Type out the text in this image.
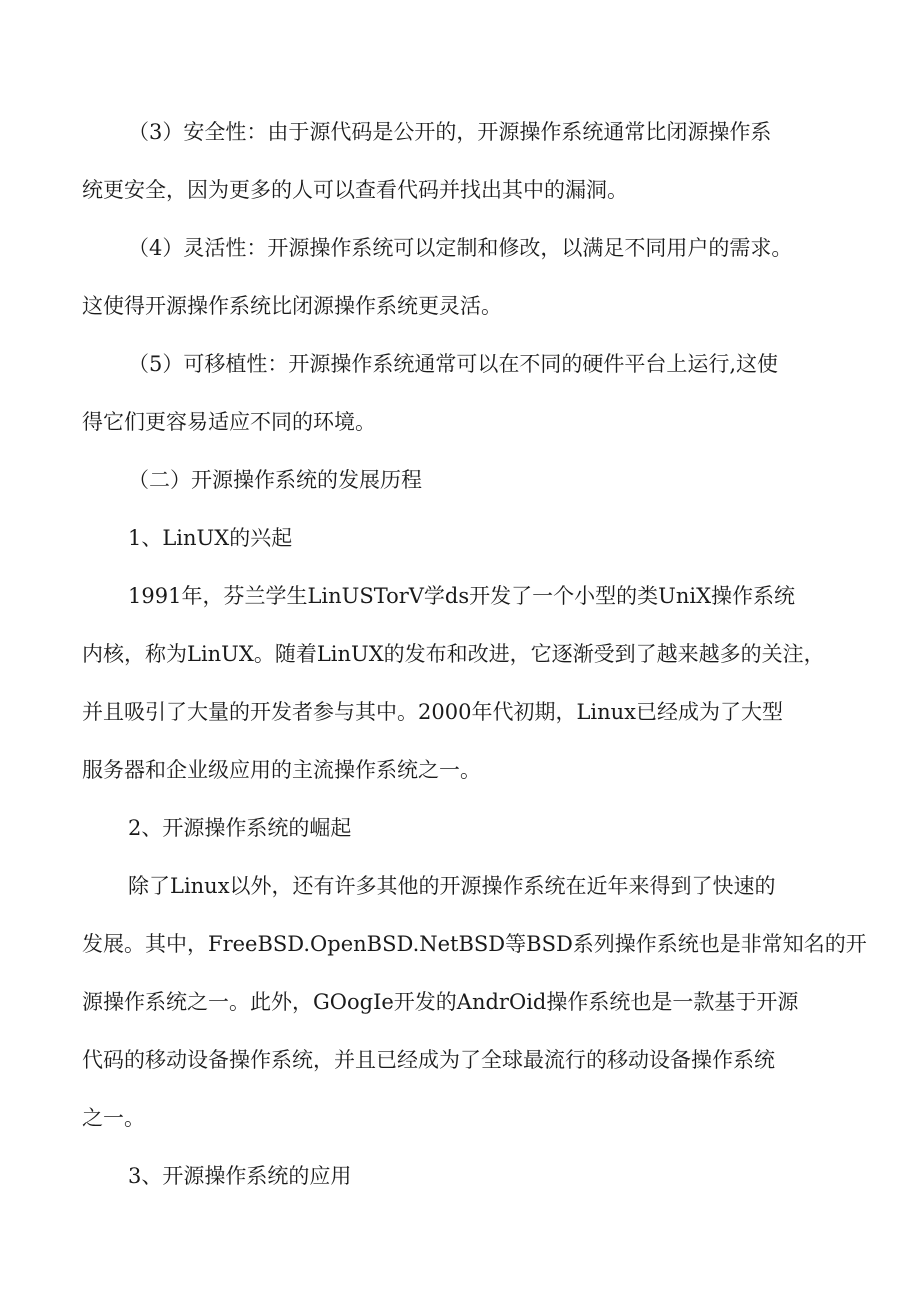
（3）安全性：由于源代码是公开的，开源操作系统通常比闭源操作系
统更安全，因为更多的人可以查看代码并找出其中的漏洞。
（4）灵活性：开源操作系统可以定制和修改，以满足不同用户的需求。
这使得开源操作系统比闭源操作系统更灵活。
（5）可移植性：开源操作系统通常可以在不同的硬件平台上运行,这使
得它们更容易适应不同的环境。
（二）开源操作系统的发展历程
1、LinUX的兴起
1991年，芬兰学生LinUSTorV学ds开发了一个小型的类UniX操作系统
内核，称为LinUX。随着LinUX的发布和改进，它逐渐受到了越来越多的关注，
并且吸引了大量的开发者参与其中。2000年代初期，Linux已经成为了大型
服务器和企业级应用的主流操作系统之一。
2、开源操作系统的崛起
除了Linux以外，还有许多其他的开源操作系统在近年来得到了快速的
发展。其中，FreeBSD.OpenBSD.NetBSD等BSD系列操作系统也是非常知名的开
源操作系统之一。此外，GOogIe开发的AndrOid操作系统也是一款基于开源
代码的移动设备操作系统，并且已经成为了全球最流行的移动设备操作系统
之一。
3、开源操作系统的应用
